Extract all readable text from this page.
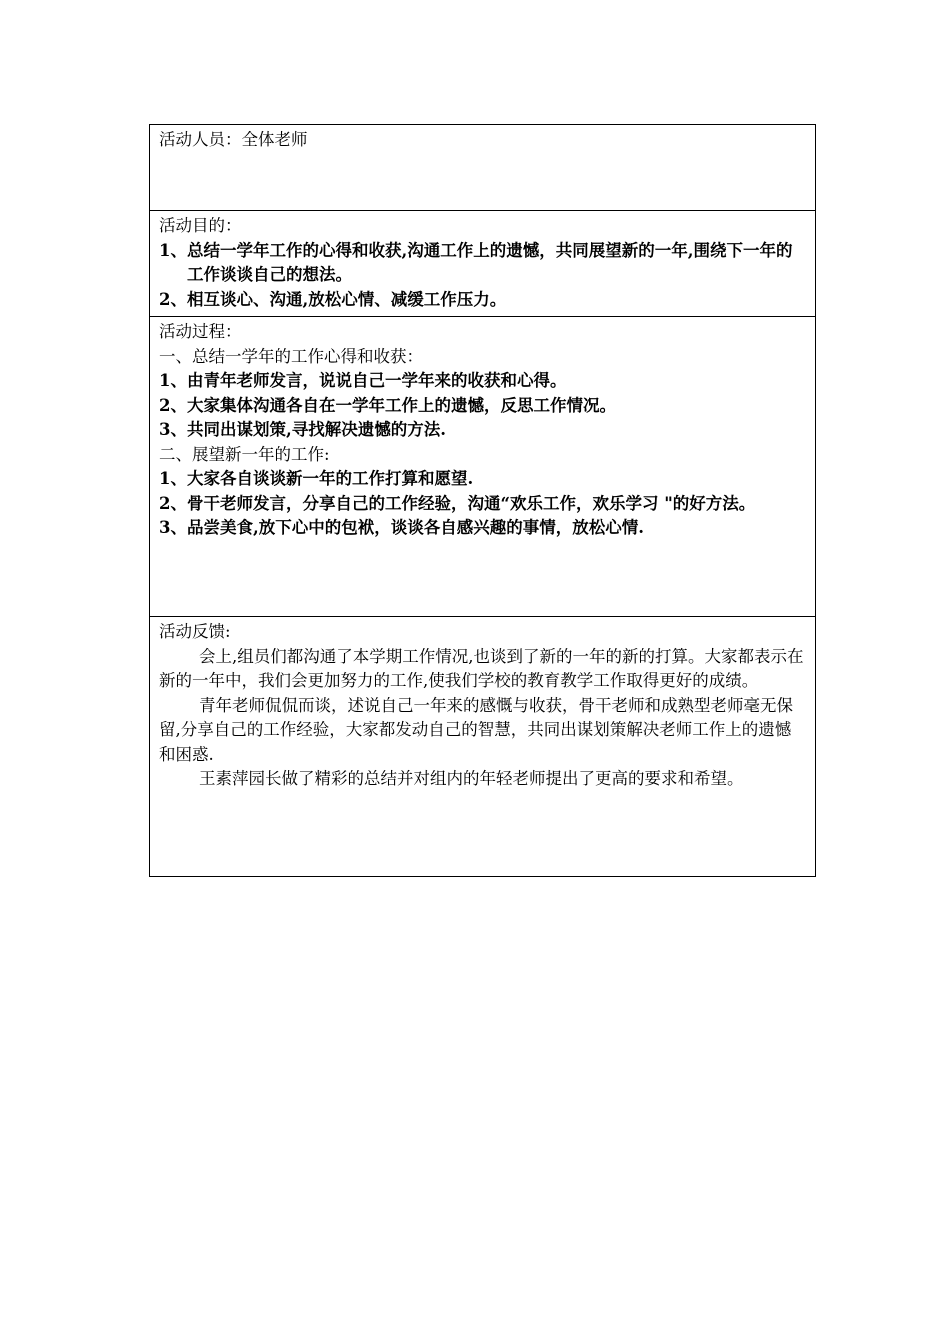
活动人员：全体老师

活动目的：
1、总结一学年工作的心得和收获,沟通工作上的遗憾，共同展望新的一年,围绕下一年的工作谈谈自己的想法。
2、相互谈心、沟通,放松心情、减缓工作压力。

活动过程：
一、总结一学年的工作心得和收获：
1、由青年老师发言，说说自己一学年来的收获和心得。
2、大家集体沟通各自在一学年工作上的遗憾，反思工作情况。
3、共同出谋划策,寻找解决遗憾的方法.
二、展望新一年的工作:
1、大家各自谈谈新一年的工作打算和愿望.
2、骨干老师发言，分享自己的工作经验，沟通“欢乐工作，欢乐学习 "的好方法。
3、品尝美食,放下心中的包袱，谈谈各自感兴趣的事情，放松心情.

活动反馈:
会上,组员们都沟通了本学期工作情况,也谈到了新的一年的新的打算。大家都表示在新的一年中，我们会更加努力的工作,使我们学校的教育教学工作取得更好的成绩。
青年老师侃侃而谈，述说自己一年来的感慨与收获，骨干老师和成熟型老师毫无保留,分享自己的工作经验，大家都发动自己的智慧，共同出谋划策解决老师工作上的遗憾和困惑.
王素萍园长做了精彩的总结并对组内的年轻老师提出了更高的要求和希望。
